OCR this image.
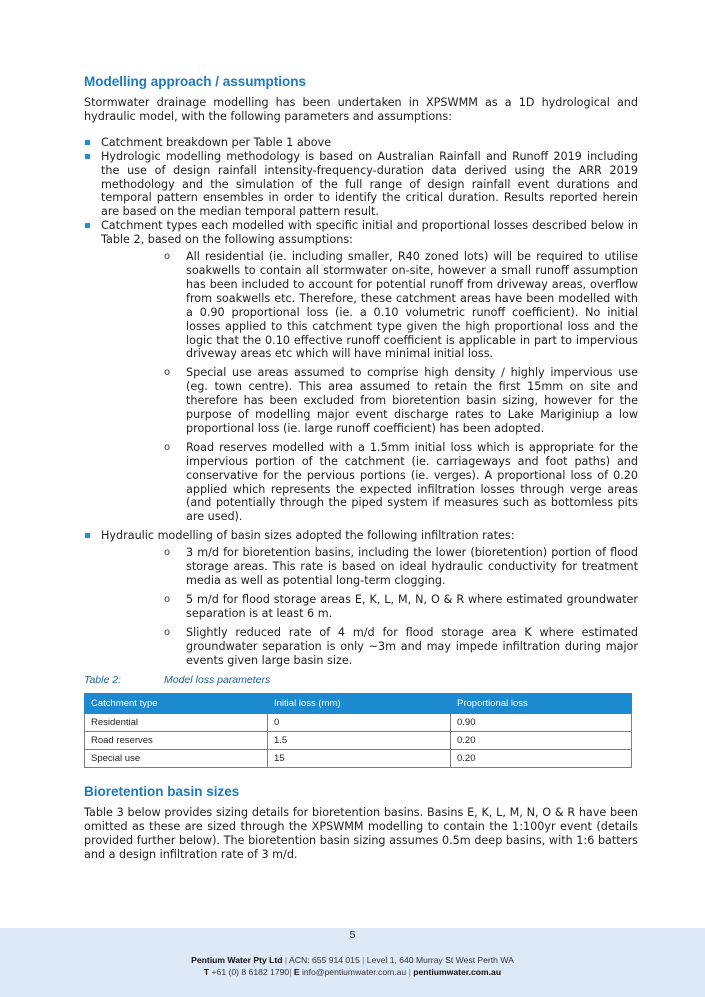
Modelling approach / assumptions

Stormwater drainage modelling has been undertaken in XPSWMM as a 1D hydrological and hydraulic model, with the following parameters and assumptions:

Catchment breakdown per Table 1 above
Hydrologic modelling methodology is based on Australian Rainfall and Runoff 2019 including the use of design rainfall intensity-frequency-duration data derived using the ARR 2019 methodology and the simulation of the full range of design rainfall event durations and temporal pattern ensembles in order to identify the critical duration. Results reported herein are based on the median temporal pattern result.
Catchment types each modelled with specific initial and proportional losses described below in Table 2, based on the following assumptions:
o All residential (ie. including smaller, R40 zoned lots) will be required to utilise soakwells to contain all stormwater on-site, however a small runoff assumption has been included to account for potential runoff from driveway areas, overflow from soakwells etc. Therefore, these catchment areas have been modelled with a 0.90 proportional loss (ie. a 0.10 volumetric runoff coefficient). No initial losses applied to this catchment type given the high proportional loss and the logic that the 0.10 effective runoff coefficient is applicable in part to impervious driveway areas etc which will have minimal initial loss.
o Special use areas assumed to comprise high density / highly impervious use (eg. town centre). This area assumed to retain the first 15mm on site and therefore has been excluded from bioretention basin sizing, however for the purpose of modelling major event discharge rates to Lake Mariginiup a low proportional loss (ie. large runoff coefficient) has been adopted.
o Road reserves modelled with a 1.5mm initial loss which is appropriate for the impervious portion of the catchment (ie. carriageways and foot paths) and conservative for the pervious portions (ie. verges). A proportional loss of 0.20 applied which represents the expected infiltration losses through verge areas (and potentially through the piped system if measures such as bottomless pits are used).
Hydraulic modelling of basin sizes adopted the following infiltration rates:
o 3 m/d for bioretention basins, including the lower (bioretention) portion of flood storage areas. This rate is based on ideal hydraulic conductivity for treatment media as well as potential long-term clogging.
o 5 m/d for flood storage areas E, K, L, M, N, O & R where estimated groundwater separation is at least 6 m.
o Slightly reduced rate of 4 m/d for flood storage area K where estimated groundwater separation is only ~3m and may impede infiltration during major events given large basin size.
Table 2:	Model loss parameters
Catchment type	Initial loss (mm)	Proportional loss
Residential	0	0.90
Road reserves	1.5	0.20
Special use	15	0.20
Bioretention basin sizes

Table 3 below provides sizing details for bioretention basins. Basins E, K, L, M, N, O & R have been omitted as these are sized through the XPSWMM modelling to contain the 1:100yr event (details provided further below). The bioretention basin sizing assumes 0.5m deep basins, with 1:6 batters and a design infiltration rate of 3 m/d.

Pentium Water Pty Ltd | ACN: 655 914 015 | Level 1, 640 Murray St West Perth WA
T +61 (0) 8 6182 1790| E info@pentiumwater.com.au | pentiumwater.com.au
5
